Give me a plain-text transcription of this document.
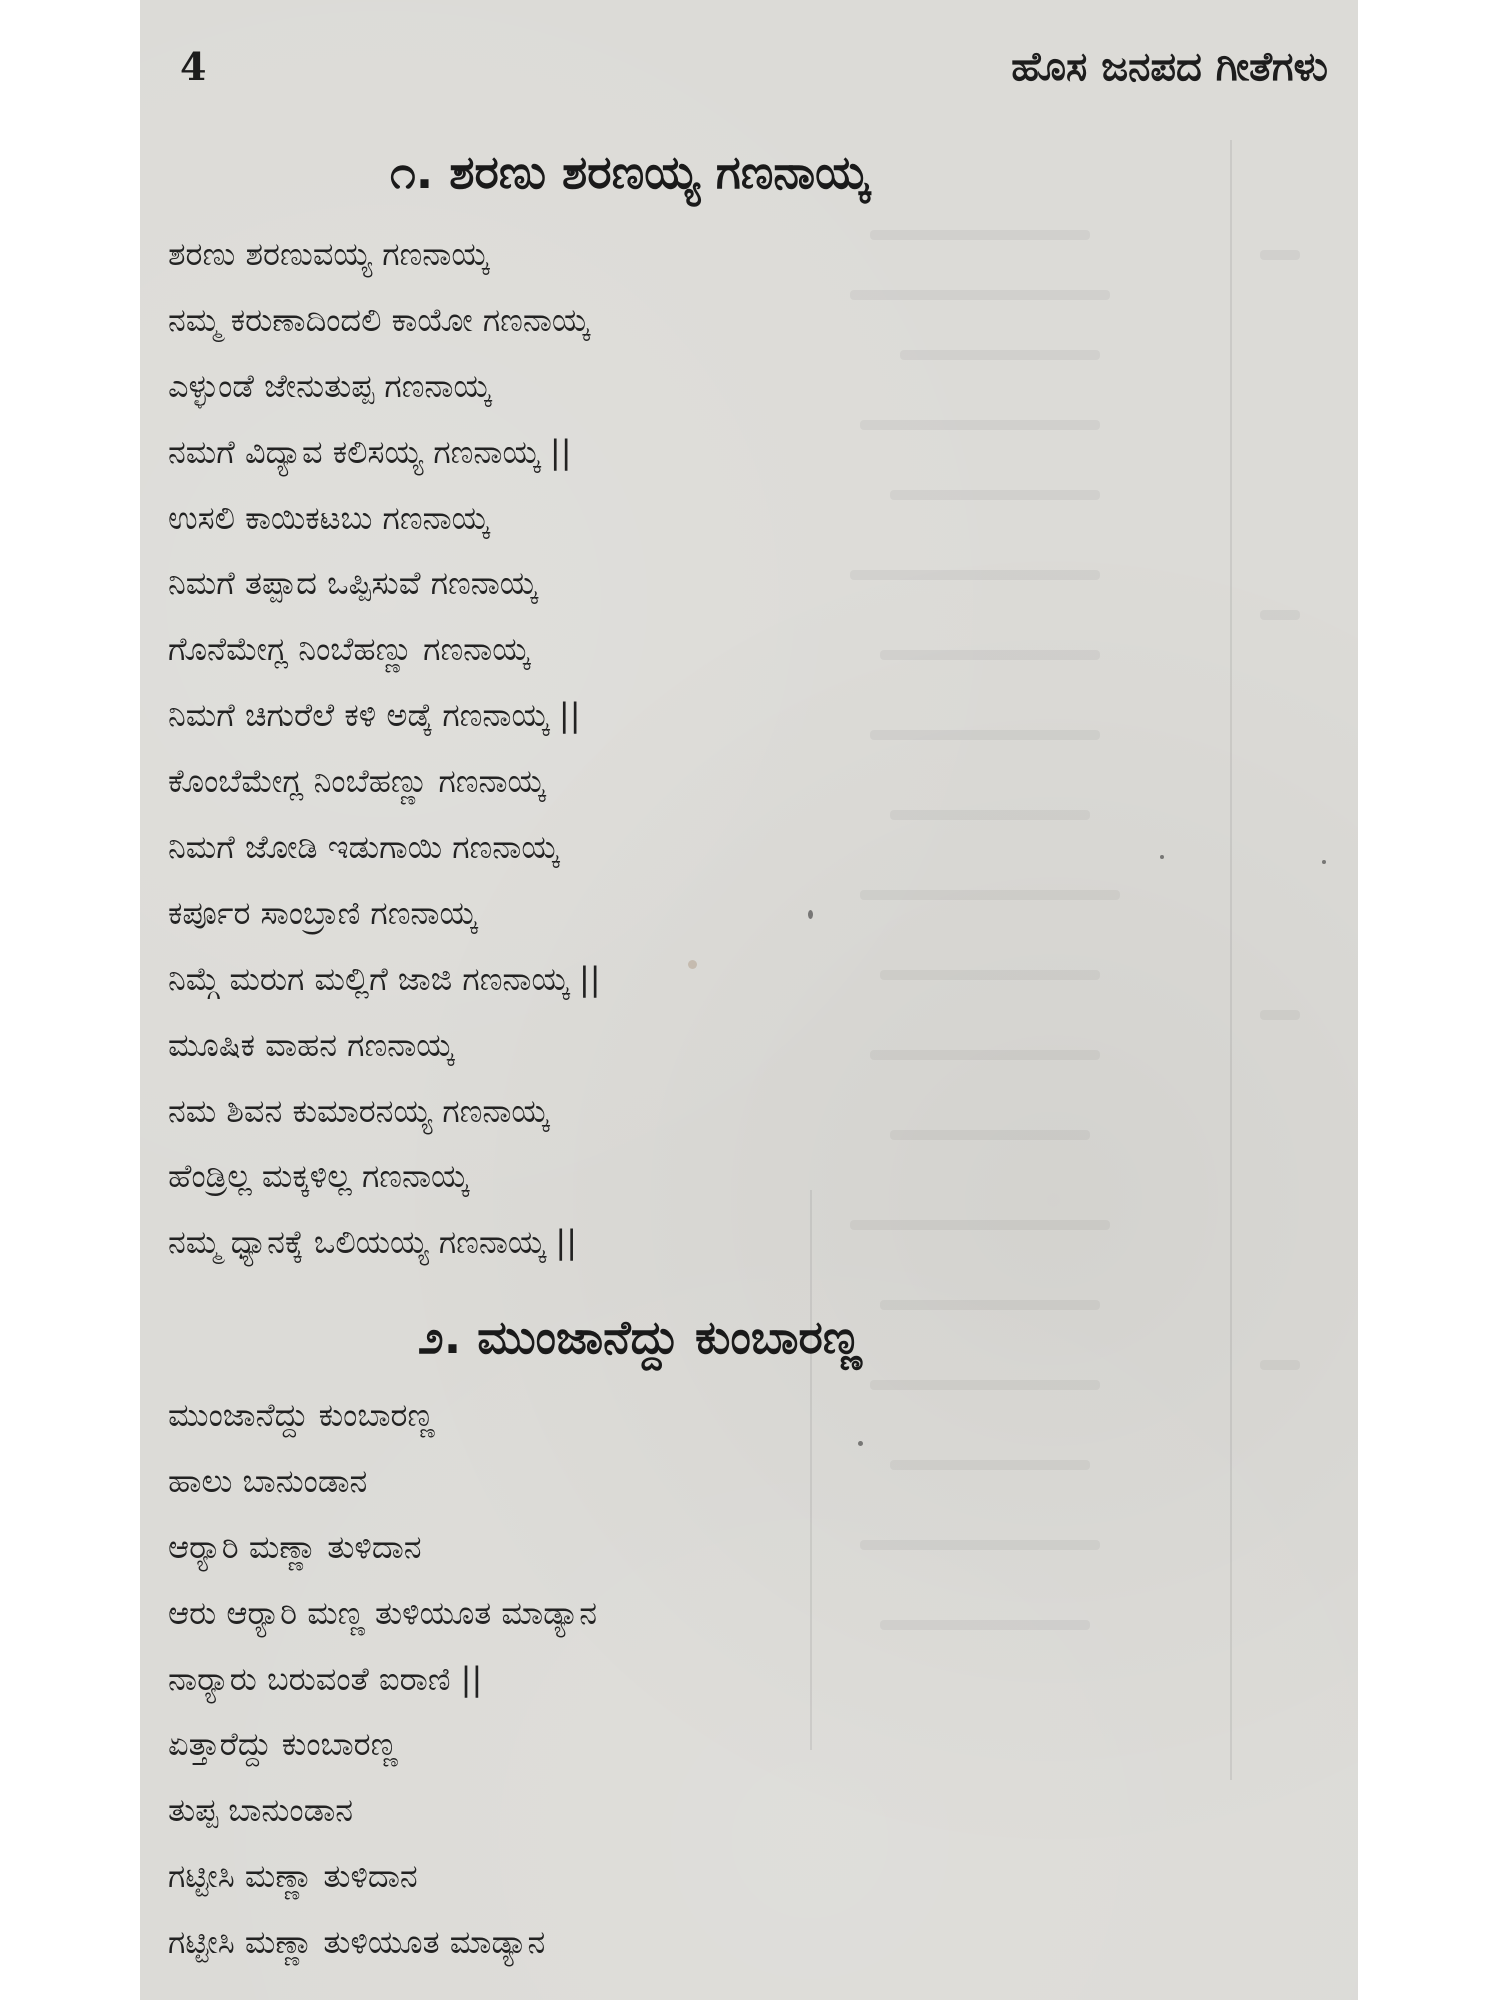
4	ಹೊಸ ಜನಪದ ಗೀತೆಗಳು

೧. ಶರಣು ಶರಣಯ್ಯ ಗಣನಾಯ್ಕ
ಶರಣು ಶರಣುವಯ್ಯ ಗಣನಾಯ್ಕ
ನಮ್ಮ ಕರುಣಾದಿಂದಲಿ ಕಾಯೋ ಗಣನಾಯ್ಕ
ಎಳ್ಳುಂಡೆ ಜೇನುತುಪ್ಪ ಗಣನಾಯ್ಕ
ನಮಗೆ ವಿದ್ಯಾವ ಕಲಿಸಯ್ಯ ಗಣನಾಯ್ಕ ||
ಉಸಲಿ ಕಾಯಿಕಟಬು ಗಣನಾಯ್ಕ
ನಿಮಗೆ ತಪ್ಪಾದ ಒಪ್ಪಿಸುವೆ ಗಣನಾಯ್ಕ
ಗೊನೆಮೇಗ್ಲ ನಿಂಬೆಹಣ್ಣು ಗಣನಾಯ್ಕ
ನಿಮಗೆ ಚಿಗುರೆಲೆ ಕಳಿ ಅಡ್ಕೆ ಗಣನಾಯ್ಕ ||
ಕೊಂಬೆಮೇಗ್ಲ ನಿಂಬೆಹಣ್ಣು ಗಣನಾಯ್ಕ
ನಿಮಗೆ ಜೋಡಿ ಇಡುಗಾಯಿ ಗಣನಾಯ್ಕ
ಕರ್ಪೂರ ಸಾಂಬ್ರಾಣಿ ಗಣನಾಯ್ಕ
ನಿಮ್ಗೆ ಮರುಗ ಮಲ್ಲಿಗೆ ಜಾಜಿ ಗಣನಾಯ್ಕ ||
ಮೂಷಿಕ ವಾಹನ ಗಣನಾಯ್ಕ
ನಮ ಶಿವನ ಕುಮಾರನಯ್ಯ ಗಣನಾಯ್ಕ
ಹೆಂಡ್ರಿಲ್ಲ ಮಕ್ಕಳಿಲ್ಲ ಗಣನಾಯ್ಕ
ನಮ್ಮ ಧ್ಯಾನಕ್ಕೆ ಒಲಿಯಯ್ಯ ಗಣನಾಯ್ಕ ||
೨. ಮುಂಜಾನೆದ್ದು ಕುಂಬಾರಣ್ಣ
ಮುಂಜಾನೆದ್ದು ಕುಂಬಾರಣ್ಣ
ಹಾಲು ಬಾನುಂಡಾನ
ಆರ್‍ಯಾರಿ ಮಣ್ಣಾ ತುಳಿದಾನ
ಆರು ಆರ್‍ಯಾರಿ ಮಣ್ಣ ತುಳಿಯೂತ ಮಾಡ್ಯಾನ
ನಾರ್‍ಯಾರು ಬರುವಂತೆ ಐರಾಣಿ ||
ಏತ್ತಾರೆದ್ದು ಕುಂಬಾರಣ್ಣ
ತುಪ್ಪ ಬಾನುಂಡಾನ
ಗಟ್ಟೀಸಿ ಮಣ್ಣಾ ತುಳಿದಾನ
ಗಟ್ಟೀಸಿ ಮಣ್ಣಾ ತುಳಿಯೂತ ಮಾಡ್ಯಾನ
